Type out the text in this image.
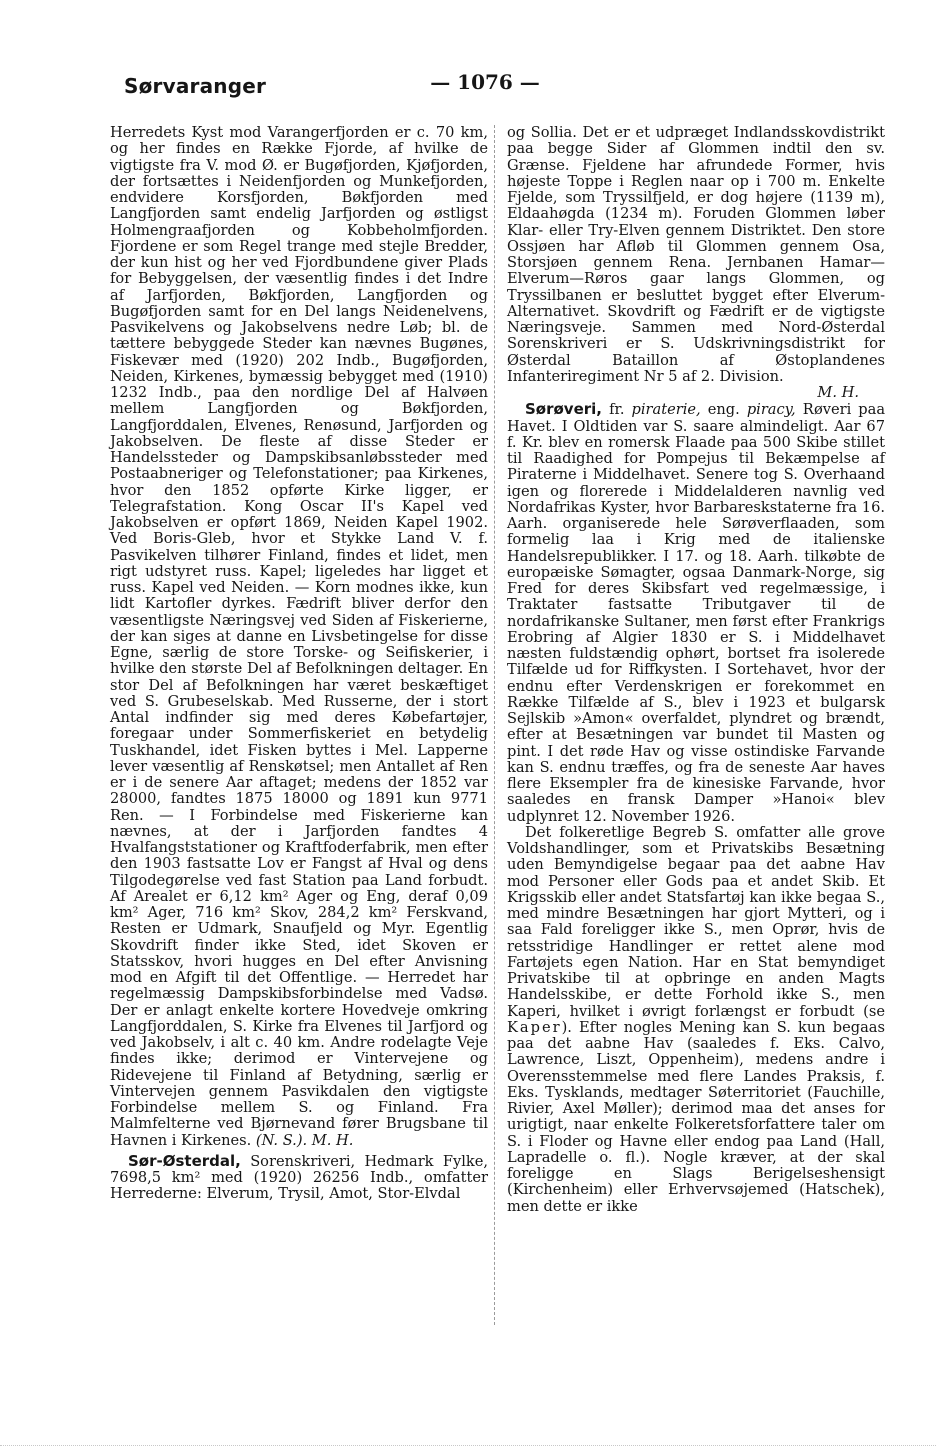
Sørvaranger	— 1076 —

Herredets Kyst mod Varangerfjorden er c. 70 km, og her findes en Række Fjorde, af hvilke de vigtigste fra V. mod Ø. er Bugøfjorden, Kjøfjorden, der fortsættes i Neidenfjorden og Munkefjorden, endvidere Korsfjorden, Bøkfjorden med Langfjorden samt endelig Jarfjorden og østligst Holmengraafjorden og Kobbeholmfjorden. Fjordene er som Regel trange med stejle Bredder, der kun hist og her ved Fjordbundene giver Plads for Bebyggelsen, der væsentlig findes i det Indre af Jarfjorden, Bøkfjorden, Langfjorden og Bugøfjorden samt for en Del langs Neidenelvens, Pasvikelvens og Jakobselvens nedre Løb; bl. de tættere bebyggede Steder kan nævnes Bugønes, Fiskevær med (1920) 202 Indb., Bugøfjorden, Neiden, Kirkenes, bymæssig bebygget med (1910) 1232 Indb., paa den nordlige Del af Halvøen mellem Langfjorden og Bøkfjorden, Langfjorddalen, Elvenes, Renøsund, Jarfjorden og Jakobselven. De fleste af disse Steder er Handelssteder og Dampskibsanløbssteder med Postaabneriger og Telefonstationer; paa Kirkenes, hvor den 1852 opførte Kirke ligger, er Telegrafstation. Kong Oscar II's Kapel ved Jakobselven er opført 1869, Neiden Kapel 1902. Ved Boris-Gleb, hvor et Stykke Land V. f. Pasvikelven tilhører Finland, findes et lidet, men rigt udstyret russ. Kapel; ligeledes har ligget et russ. Kapel ved Neiden. — Korn modnes ikke, kun lidt Kartofler dyrkes. Fædrift bliver derfor den væsentligste Næringsvej ved Siden af Fiskerierne, der kan siges at danne en Livsbetingelse for disse Egne, særlig de store Torske- og Seifiskerier, i hvilke den største Del af Befolkningen deltager. En stor Del af Befolkningen har været beskæftiget ved S. Grubeselskab. Med Russerne, der i stort Antal indfinder sig med deres Købefartøjer, foregaar under Sommerfiskeriet en betydelig Tuskhandel, idet Fisken byttes i Mel. Lapperne lever væsentlig af Renskøtsel; men Antallet af Ren er i de senere Aar aftaget; medens der 1852 var 28000, fandtes 1875 18000 og 1891 kun 9771 Ren. — I Forbindelse med Fiskerierne kan nævnes, at der i Jarfjorden fandtes 4 Hvalfangststationer og Kraftfoderfabrik, men efter den 1903 fastsatte Lov er Fangst af Hval og dens Tilgodegørelse ved fast Station paa Land forbudt. Af Arealet er 6,12 km² Ager og Eng, deraf 0,09 km² Ager, 716 km² Skov, 284,2 km² Ferskvand, Resten er Udmark, Snaufjeld og Myr. Egentlig Skovdrift finder ikke Sted, idet Skoven er Statsskov, hvori hugges en Del efter Anvisning mod en Afgift til det Offentlige. — Herredet har regelmæssig Dampskibsforbindelse med Vadsø. Der er anlagt enkelte kortere Hovedveje omkring Langfjorddalen, S. Kirke fra Elvenes til Jarfjord og ved Jakobselv, i alt c. 40 km. Andre rodelagte Veje findes ikke; derimod er Vintervejene og Ridevejene til Finland af Betydning, særlig er Vintervejen gennem Pasvikdalen den vigtigste Forbindelse mellem S. og Finland. Fra Malmfelterne ved Bjørnevand fører Brugsbane til Havnen i Kirkenes. (N. S.). M. H.

Sør-Østerdal, Sorenskriveri, Hedmark Fylke, 7698,5 km² med (1920) 26256 Indb., omfatter Herrederne: Elverum, Trysil, Amot, Stor-Elvdal

og Sollia. Det er et udpræget Indlandsskovdistrikt paa begge Sider af Glommen indtil den sv. Grænse. Fjeldene har afrundede Former, hvis højeste Toppe i Reglen naar op i 700 m. Enkelte Fjelde, som Tryssilfjeld, er dog højere (1139 m), Eldaahøgda (1234 m). Foruden Glommen løber Klar- eller Try-Elven gennem Distriktet. Den store Ossjøen har Afløb til Glommen gennem Osa, Storsjøen gennem Rena. Jernbanen Hamar—Elverum—Røros gaar langs Glommen, og Tryssilbanen er besluttet bygget efter Elverum-Alternativet. Skovdrift og Fædrift er de vigtigste Næringsveje. Sammen med Nord-Østerdal Sorenskriveri er S. Udskrivningsdistrikt for Østerdal Bataillon af Østoplandenes Infanteriregiment Nr 5 af 2. Division.

M. H.

Sørøveri, fr. piraterie, eng. piracy, Røveri paa Havet. I Oldtiden var S. saare almindeligt. Aar 67 f. Kr. blev en romersk Flaade paa 500 Skibe stillet til Raadighed for Pompejus til Bekæmpelse af Piraterne i Middelhavet. Senere tog S. Overhaand igen og florerede i Middelalderen navnlig ved Nordafrikas Kyster, hvor Barbareskstaterne fra 16. Aarh. organiserede hele Sørøverflaaden, som formelig laa i Krig med de italienske Handelsrepublikker. I 17. og 18. Aarh. tilkøbte de europæiske Sømagter, ogsaa Danmark-Norge, sig Fred for deres Skibsfart ved regelmæssige, i Traktater fastsatte Tributgaver til de nordafrikanske Sultaner, men først efter Frankrigs Erobring af Algier 1830 er S. i Middelhavet næsten fuldstændig ophørt, bortset fra isolerede Tilfælde ud for Riffkysten. I Sortehavet, hvor der endnu efter Verdenskrigen er forekommet en Række Tilfælde af S., blev i 1923 et bulgarsk Sejlskib »Amon« overfaldet, plyndret og brændt, efter at Besætningen var bundet til Masten og pint. I det røde Hav og visse ostindiske Farvande kan S. endnu træffes, og fra de seneste Aar haves flere Eksempler fra de kinesiske Farvande, hvor saaledes en fransk Damper »Hanoi« blev udplynret 12. November 1926.

Det folkeretlige Begreb S. omfatter alle grove Voldshandlinger, som et Privatskibs Besætning uden Bemyndigelse begaar paa det aabne Hav mod Personer eller Gods paa et andet Skib. Et Krigsskib eller andet Statsfartøj kan ikke begaa S., med mindre Besætningen har gjort Mytteri, og i saa Fald foreligger ikke S., men Oprør, hvis de retsstridige Handlinger er rettet alene mod Fartøjets egen Nation. Har en Stat bemyndiget Privatskibe til at opbringe en anden Magts Handelsskibe, er dette Forhold ikke S., men Kaperi, hvilket i øvrigt forlængst er forbudt (se Kaper). Efter nogles Mening kan S. kun begaas paa det aabne Hav (saaledes f. Eks. Calvo, Lawrence, Liszt, Oppenheim), medens andre i Overensstemmelse med flere Landes Praksis, f. Eks. Tysklands, medtager Søterritoriet (Fauchille, Rivier, Axel Møller); derimod maa det anses for urigtigt, naar enkelte Folkeretsforfattere taler om S. i Floder og Havne eller endog paa Land (Hall, Lapradelle o. fl.). Nogle kræver, at der skal foreligge en Slags Berigelseshensigt (Kirchenheim) eller Erhvervsøjemed (Hatschek), men dette er ikke
